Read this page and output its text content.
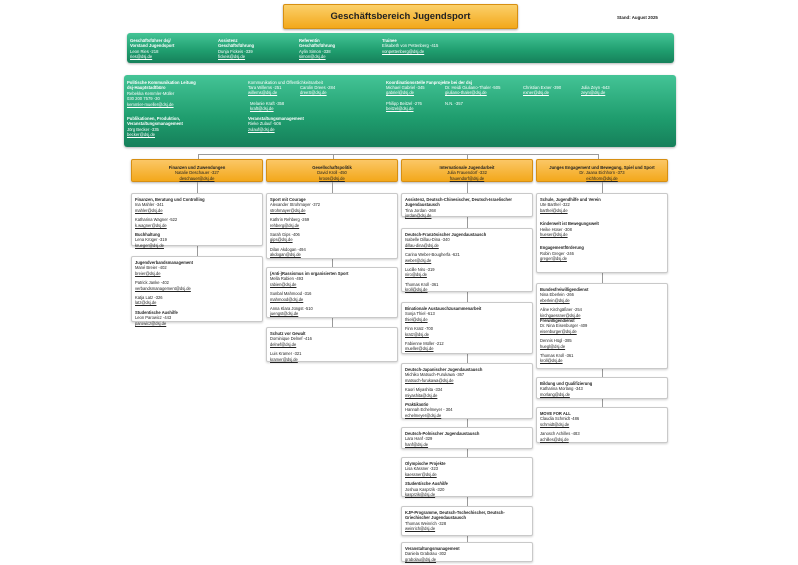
Geschäftsbereich Jugendsport	Stand: August 2025
Geschäftsführer dsj/
Vorstand Jugendsport
Leon Ries -218
ries@dsj.de
Assistenz
Geschäftsführung
Dunja Fickeis -339
fickeis@dsj.de
Referentin
Geschäftsführung
Aylin Simon -338
simon@dsj.de
Trainee
Elisabeth von Pettenberg -415
vonpettenberg@dsj.de
Politische Kommunikation Leitung
dsj-Hauptstadtbüro
Rebekka Kemmler-Müller
030 200 7579 -30
kemmler-mueller@dsj.de
Publikationen, Produktion,
Veranstaltungsmanagement
Jörg Becker -335
becker@dsj.de
Kommunikation und Öffentlichkeitsarbeit
Tara Willems -251
willems@dsj.de
Carolin Drees -284
dreeS@dsj.de
Melanie Kraft -358
kraft@dsj.de
Veranstaltungsmanagement
Rieke Zulauf -506
zulauf@dsj.de
Koordinationsstelle Fanprojekte bei der dsj
Michael Gabriel -345
gabriel@dsj.de
Dr. Heidi Giuliano-Thaler -505
giuliano-thaler@dsj.de
Christian Exner -390
exner@dsj.de
Julia Zeyn -643
zeyn@dsj.de
Philipp Beitzel -276
beitzel@dsj.de
N.N. -357
Finanzen und Zuwendungen
Natalie Deschauer -327
deschauer@dsj.de
Gesellschaftspolitik
David Kroll -450
kroos@dsj.de
Internationale Jugendarbeit
Julia Frauendorf -332
frauendorf@dsj.de
Junges Engagement und Bewegung, Spiel und Sport
Dr. Jaana Eichhorn -373
eichhorn@dsj.de
Finanzen, Beratung und Controlling
Ina Mahler -341
mahler@dsj.de
Katharina Wagner -522
k.wagner@dsj.de
Buchhaltung
Lena Krüger -319
krueger@dsj.de
Jugendverbandsmanagement
Mané Breier -402
breier@dsj.de
Patrick Janke -402
verbandsmanagement@dsj.de
Katja Latz -326
latz@dsj.de
Studentische Aushilfe
Leon Parowicz -443
parowicz@dsj.de
Sport mit Courage
Alexander Strohmayer -372
strohmayer@dsj.de
Kathrin Rehberg -269
rehberg@dsj.de
Sarah Gips -406
gips@dsj.de
Dilan Akdogan -494
akdogan@dsj.de
(Anti-)Rassismus im organisierten Sport
Mella Rabien -493
rabien@dsj.de
Sunbal Mahmood -316
mahmood@dsj.de
Anna Klara Jüngst -510
juengst@dsj.de
Schutz vor Gewalt
Dominique Delnef -416
delnef@dsj.de
Luis Kramer -321
kramer@dsj.de
Assistenz, Deutsch-Chinesischer, Deutsch-Israelischer Jugendaustausch
Tina Jordan -268
jordan@dsj.de
Deutsch-Französischer Jugendaustausch
Isabelle Dillau-Dina -340
dillau-dina@dsj.de
Carina Weber-Bougherfa -621
weber@dsj.de
Lucille Niro -319
niro@dsj.de
Thomas Kroll -361
kroll@dsj.de
Binationale Austauschzusammenarbeit
Sonja Thiel -613
thiel@dsj.de
Finn Kratz -700
kratz@dsj.de
Fabienne Müller -212
mueller@dsj.de
Deutsch-Japanischer Jugendaustausch
Michiko Matsuch-Furukawa -367
matsuch-furukawa@dsj.de
Kaori Miyashita -334
miyashita@dsj.de
Praktikantin
Hannah Echelmeyer - 304
echelmeyer@dsj.de
Deutsch-Polnischer Jugendaustausch
Lara Hanf -329
hanf@dsj.de
Olympische Projekte
Lisa Kässner -323
kaessner@dsj.de
Studentische Aushilfe
Joshua Kasprzik -320
kasprzik@dsj.de
KJP-Programme, Deutsch-Tschechischer, Deutsch-Griechischer Jugendaustausch
Thomas Weinrich -328
weinrich@dsj.de
Veranstaltungsmanagement
Daniela Grabolau -302
grabolau@dsj.de
Schule, Jugendhilfe und Verein
Ute Barthel -322
barthel@dsj.de
Kinderwelt ist Bewegungswelt
Heike Hüser -308
hueser@dsj.de
Engagementförderung
Robin Greger -246
greger@dsj.de
Bundesfreiwilligendienst
Nina Eberlein -266
eberlein@dsj.de
Aline Kirchgäßner -254
kirchgaessner@dsj.de
Freiwilligendienst
Dr. Nina Eisenburger -409
eisenburger@dsj.de
Dennis Hügl -385
huegl@dsj.de
Thomas Kroll -361
kroll@dsj.de
Bildung und Qualifizierung
Katharina Morlang -343
morlang@dsj.de
MOVE FOR ALL
Claudia Schmidt -486
schmidt@dsj.de
Janosch Achilles -483
achilles@dsj.de
